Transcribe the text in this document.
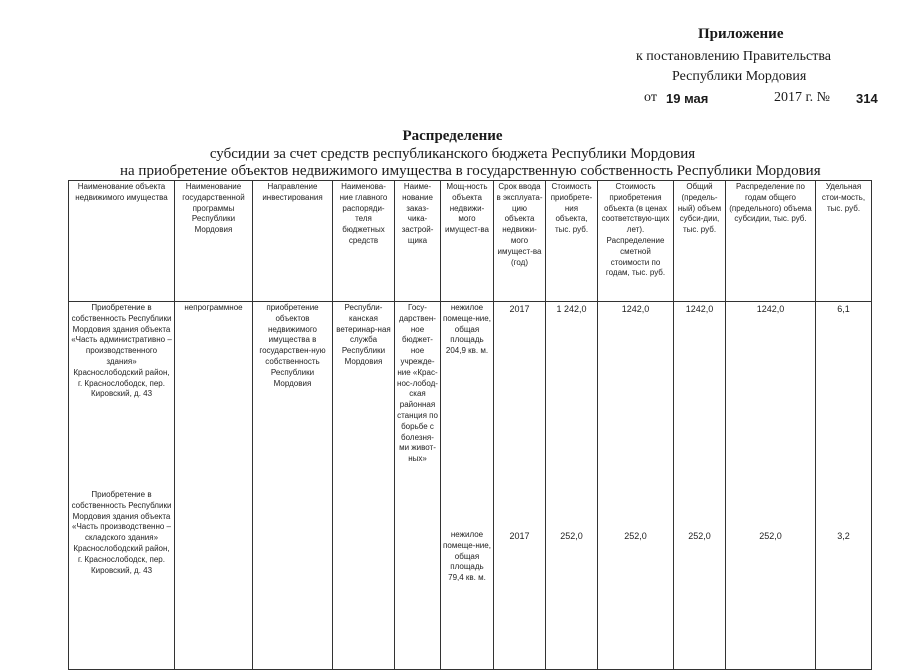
Приложение
к постановлению Правительства
Республики Мордовия
от 19 мая	2017 г. № 314
Распределение
субсидии за счет средств республиканского бюджета Республики Мордовия
на приобретение объектов недвижимого имущества в государственную собственность Республики Мордовия
Наименование объекта недвижимого имущества	Наименование государственной программы Республики Мордовия	Направление инвестирования	Наименова-ние главного распоряди-теля бюджетных средств	Наиме-нование заказ-чика-застрой-щика	Мощ-ность объекта недвижи-мого имущест-ва	Срок ввода в эксплуата-цию объекта недвижи-мого имущест-ва (год)	Стоимость приобрете-ния объекта, тыс. руб.	Стоимость приобретения объекта (в ценах соответствую-щих лет). Распределение сметной стоимости по годам, тыс. руб.	Общий (предель-ный) объем субси-дии, тыс. руб.	Распределение по годам общего (предельного) объема субсидии, тыс. руб.	Удельная стои-мость, тыс. руб.
Приобретение в собственность Республики Мордовия здания объекта «Часть административно – производственного здания» Краснослободский район, г. Краснослободск, пер. Кировский, д. 43	непрограммное	приобретение объектов недвижимого имущества в государствен-ную собственность Республики Мордовия	Республи-канская ветеринар-ная служба Республики Мордовия	Госу-дарствен-ное бюджет-ное учрежде-ние «Крас-нос-лобод-ская районная станция по борьбе с болезня-ми живот-ных»	нежилое помеще-ние, общая площадь 204,9 кв. м.	2017	1 242,0	1242,0	1242,0	1242,0	6,1
Приобретение в собственность Республики Мордовия здания объекта «Часть производственно – складского здания» Краснослободский район, г. Краснослободск, пер. Кировский, д. 43					нежилое помеще-ние, общая площадь 79,4 кв. м.	2017	252,0	252,0	252,0	252,0	3,2
